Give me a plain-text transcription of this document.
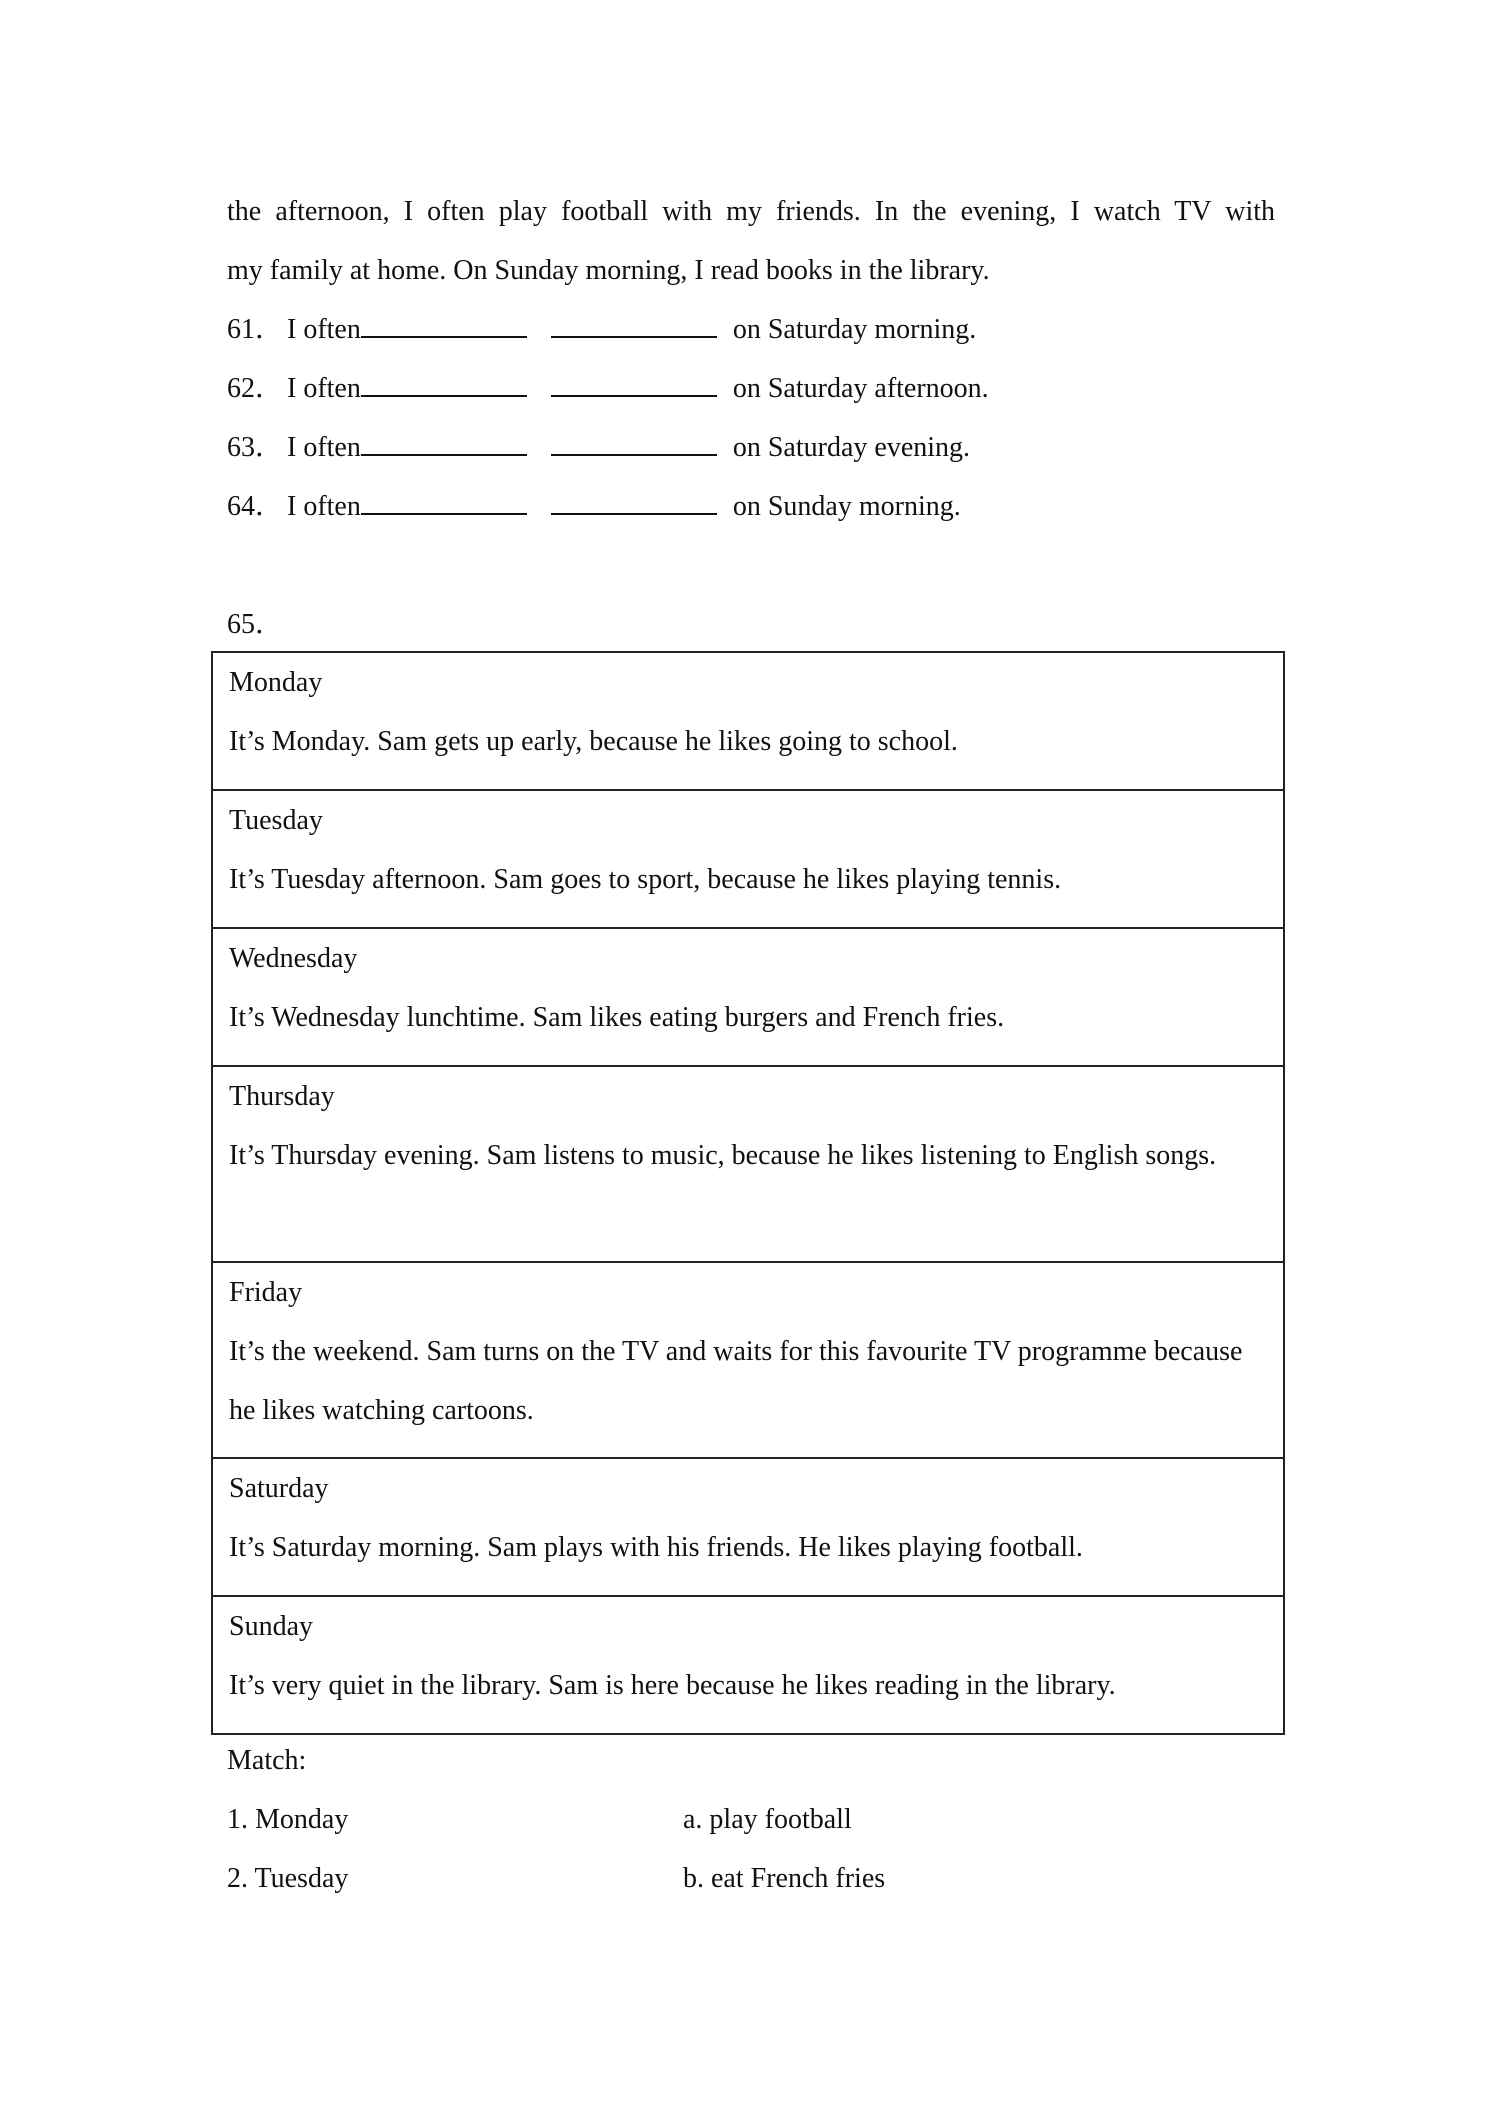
the afternoon, I often play football with my friends. In the evening, I watch TV with
my family at home. On Sunday morning, I read books in the library.
61． I often	on Saturday morning.
62． I often	on Saturday afternoon.
63． I often	on Saturday evening.
64． I often	on Sunday morning.
65．
Monday
It’s Monday. Sam gets up early, because he likes going to school.

Tuesday
It’s Tuesday afternoon. Sam goes to sport, because he likes playing tennis.

Wednesday
It’s Wednesday lunchtime. Sam likes eating burgers and French fries.

Thursday
It’s Thursday evening. Sam listens to music, because he likes listening to English songs.

Friday
It’s the weekend. Sam turns on the TV and waits for this favourite TV programme because he likes watching cartoons.

Saturday
It’s Saturday morning. Sam plays with his friends. He likes playing football.

Sunday
It’s very quiet in the library. Sam is here because he likes reading in the library.
Match:
1. Monday	a. play football
2. Tuesday	b. eat French fries
